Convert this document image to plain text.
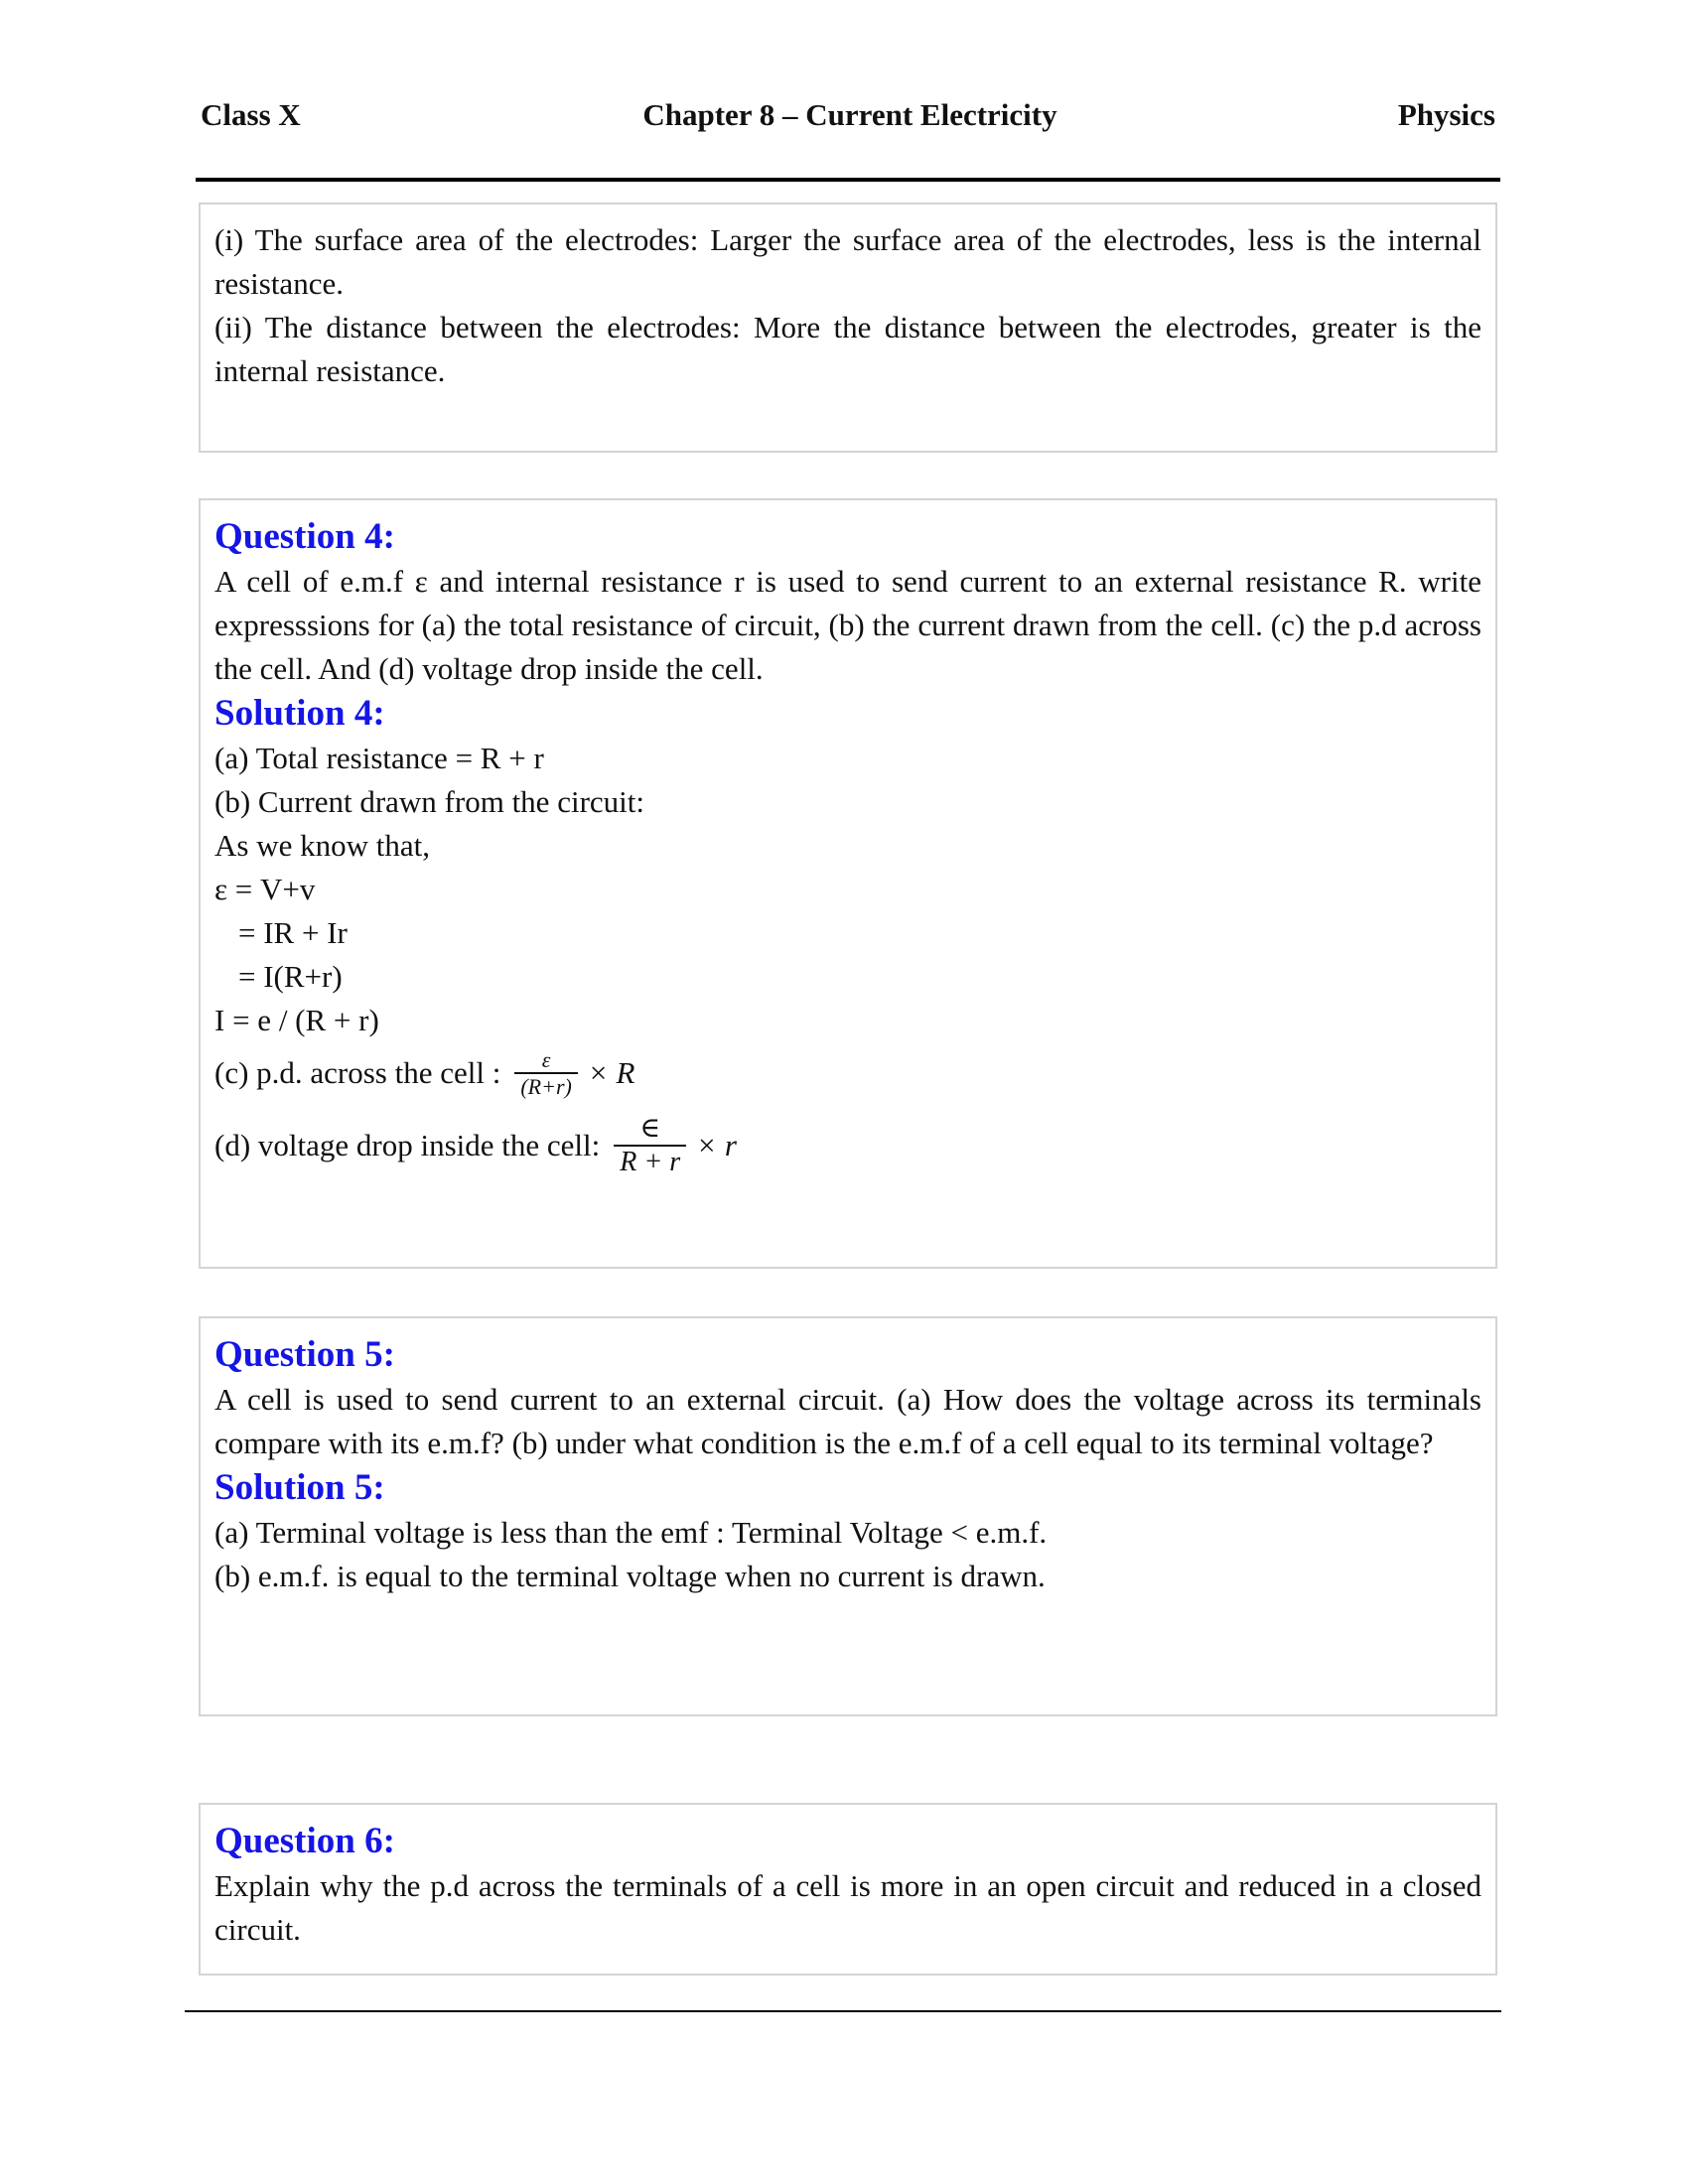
Chapter 8 – Current Electricity
Class X	Physics
(i) The surface area of the electrodes: Larger the surface area of the electrodes, less is the internal resistance.
(ii) The distance between the electrodes: More the distance between the electrodes, greater is the internal resistance.
Question 4:
A cell of e.m.f ε and internal resistance r is used to send current to an external resistance R. write expresssions for (a) the total resistance of circuit, (b) the current drawn from the cell. (c) the p.d across the cell. And (d) voltage drop inside the cell.
Solution 4:
(a) Total resistance = R + r
(b) Current drawn from the circuit:
As we know that,
ε = V+v
= IR + Ir
= I(R+r)
I = e / (R + r)
(c) p.d. across the cell : $\frac{\varepsilon}{(R+r)} \times R$
(d) voltage drop inside the cell: $\frac{\in}{R + r} \times r$
Question 5:
A cell is used to send current to an external circuit. (a) How does the voltage across its terminals compare with its e.m.f? (b) under what condition is the e.m.f of a cell equal to its terminal voltage?
Solution 5:
(a) Terminal voltage is less than the emf : Terminal Voltage < e.m.f.
(b) e.m.f. is equal to the terminal voltage when no current is drawn.
Question 6:
Explain why the p.d across the terminals of a cell is more in an open circuit and reduced in a closed circuit.
